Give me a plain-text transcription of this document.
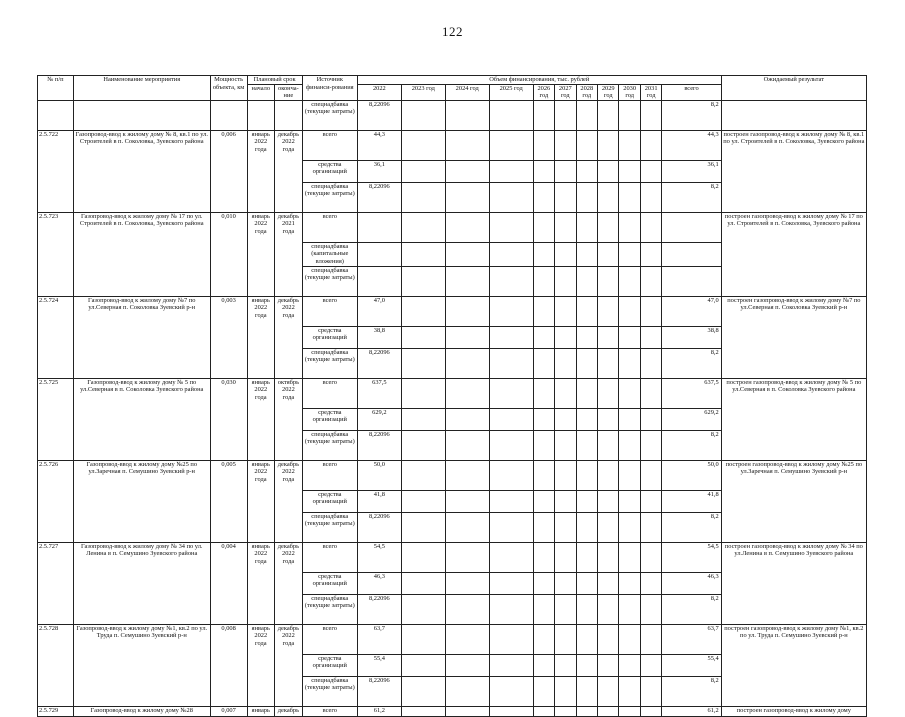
122
№ п/п	Наименование мероприятия	Мощность объекта, км	Плановый срок		Источник финанси-рования	Объем финансирования, тыс. рублей											Ожидаемый результат
			начало	оконча-ние		2022	2023 год	2024 год	2025 год	2026 год	2027 год	2028 год	2029 год	2030 год	2031 год	всего	
					спецнадбавка (текущие затраты)	8,22096										8,2	
2.5.722	Газопровод-ввод к жилому дому № 8, кв.1 по ул. Строителей в п. Соколовка, Зуевского района	0,006	январь 2022 года	декабрь 2022 года	всего	44,3										44,3	построен газопровод-ввод к жилому дому № 8, кв.1 по ул. Строителей в п. Соколовка, Зуевского района
					средства организаций	36,1										36,1	
					спецнадбавка (текущие затраты)	8,22096										8,2	
2.5.723	Газопровод-ввод к жилому дому № 17 по ул. Строителей в п. Соколовка, Зуевского района	0,010	январь 2022 года	декабрь 2021 года	всего												построен газопровод-ввод к жилому дому № 17 по ул. Строителей в п. Соколовка, Зуевского района
					спецнадбавка (капитальные вложения)												
					спецнадбавка (текущие затраты)												
2.5.724	Газопровод-ввод к жилому дому №7 по ул.Северная п. Соколовка Зуевский р-н	0,003	январь 2022 года	декабрь 2022 года	всего	47,0										47,0	построен газопровод-ввод к жилому дому №7 по ул.Северная п. Соколовка Зуевский р-н
					средства организаций	38,8										38,8	
					спецнадбавка (текущие затраты)	8,22096										8,2	
2.5.725	Газопровод-ввод к жилому дому № 5 по ул.Северная в п. Соколовка Зуевского района	0,030	январь 2022 года	октябрь 2022 года	всего	637,5										637,5	построен газопровод-ввод к жилому дому № 5 по ул.Северная в п. Соколовка Зуевского района
					средства организаций	629,2										629,2	
					спецнадбавка (текущие затраты)	8,22096										8,2	
2.5.726	Газопровод-ввод к жилому дому №25 по ул.Заречная п. Семушино Зуевский р-н	0,005	январь 2022 года	декабрь 2022 года	всего	50,0										50,0	построен газопровод-ввод к жилому дому №25 по ул.Заречная п. Семушино Зуевский р-н
					средства организаций	41,8										41,8	
					спецнадбавка (текущие затраты)	8,22096										8,2	
2.5.727	Газопровод-ввод к жилому дому № 34 по ул. Ленина в п. Семушино Зуевского района	0,004	январь 2022 года	декабрь 2022 года	всего	54,5										54,5	построен газопровод-ввод к жилому дому № 34 по ул.Ленина в п. Семушино Зуевского района
					средства организаций	46,3										46,3	
					спецнадбавка (текущие затраты)	8,22096										8,2	
2.5.728	Газопровод-ввод к жилому дому №1, кв.2 по ул. Труда п. Семушино Зуевский р-н	0,008	январь 2022 года	декабрь 2022 года	всего	63,7										63,7	построен газопровод-ввод к жилому дому №1, кв.2 по ул. Труда п. Семушино Зуевский р-н
					средства организаций	55,4										55,4	
					спецнадбавка (текущие затраты)	8,22096										8,2	
2.5.729	Газопровод-ввод к жилому дому №28	0,007	январь	декабрь	всего	61,2										61,2	построен газопровод-ввод к жилому дому
